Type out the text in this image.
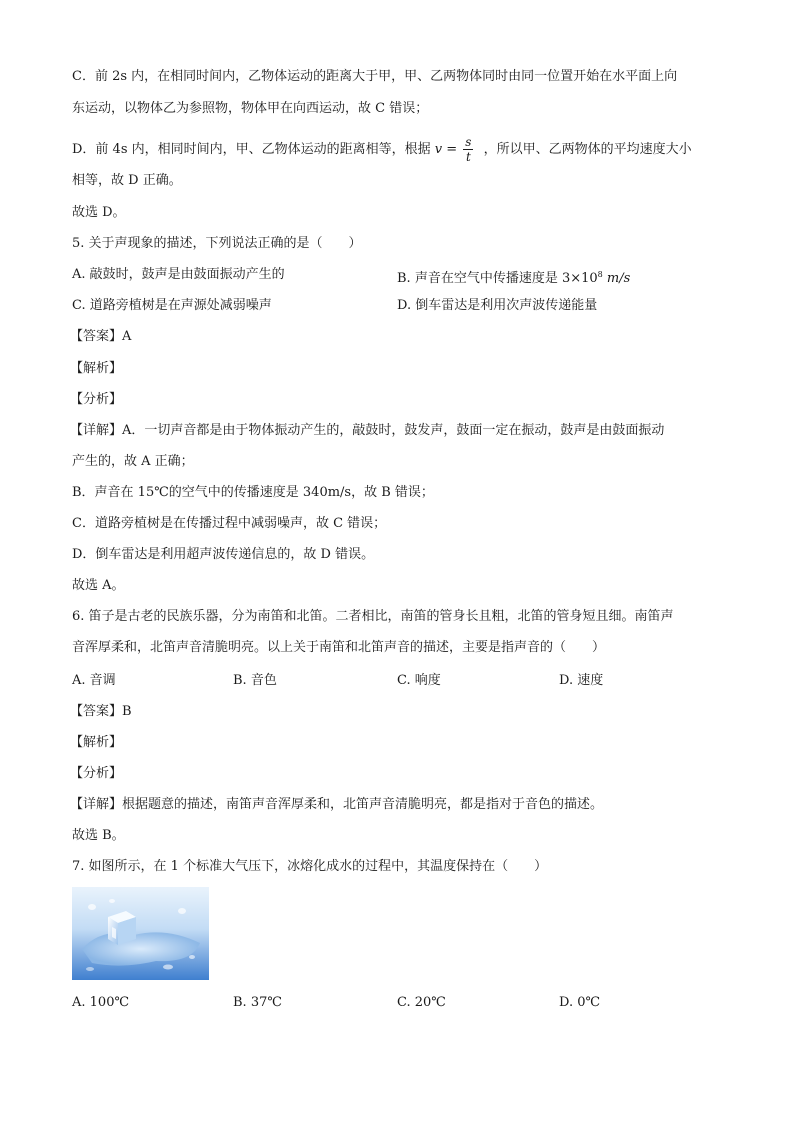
C．前 2s 内，在相同时间内，乙物体运动的距离大于甲，甲、乙两物体同时由同一位置开始在水平面上向
东运动，以物体乙为参照物，物体甲在向西运动，故 C 错误；
D．前 4s 内，相同时间内，甲、乙物体运动的距离相等，根据 $v = \frac{s}{t}$ ，所以甲、乙两物体的平均速度大小
相等，故 D 正确。
故选 D。
5. 关于声现象的描述，下列说法正确的是（　　）
A. 敲鼓时，鼓声是由鼓面振动产生的	B. 声音在空气中传播速度是 $3\times 10^8$ m/s
C. 道路旁植树是在声源处减弱噪声	D. 倒车雷达是利用次声波传递能量
【答案】A
【解析】
【分析】
【详解】A．一切声音都是由于物体振动产生的，敲鼓时，鼓发声，鼓面一定在振动，鼓声是由鼓面振动
产生的，故 A 正确；
B．声音在 15℃的空气中的传播速度是 340m/s，故 B 错误；
C．道路旁植树是在传播过程中减弱噪声，故 C 错误；
D．倒车雷达是利用超声波传递信息的，故 D 错误。
故选 A。
6. 笛子是古老的民族乐器，分为南笛和北笛。二者相比，南笛的管身长且粗，北笛的管身短且细。南笛声
音浑厚柔和，北笛声音清脆明亮。以上关于南笛和北笛声音的描述，主要是指声音的（　　）
A. 音调	B. 音色	C. 响度	D. 速度
【答案】B
【解析】
【分析】
【详解】根据题意的描述，南笛声音浑厚柔和，北笛声音清脆明亮，都是指对于音色的描述。
故选 B。
7. 如图所示，在 1 个标准大气压下，冰熔化成水的过程中，其温度保持在（　　）
A. 100℃	B. 37℃	C. 20℃	D. 0℃
